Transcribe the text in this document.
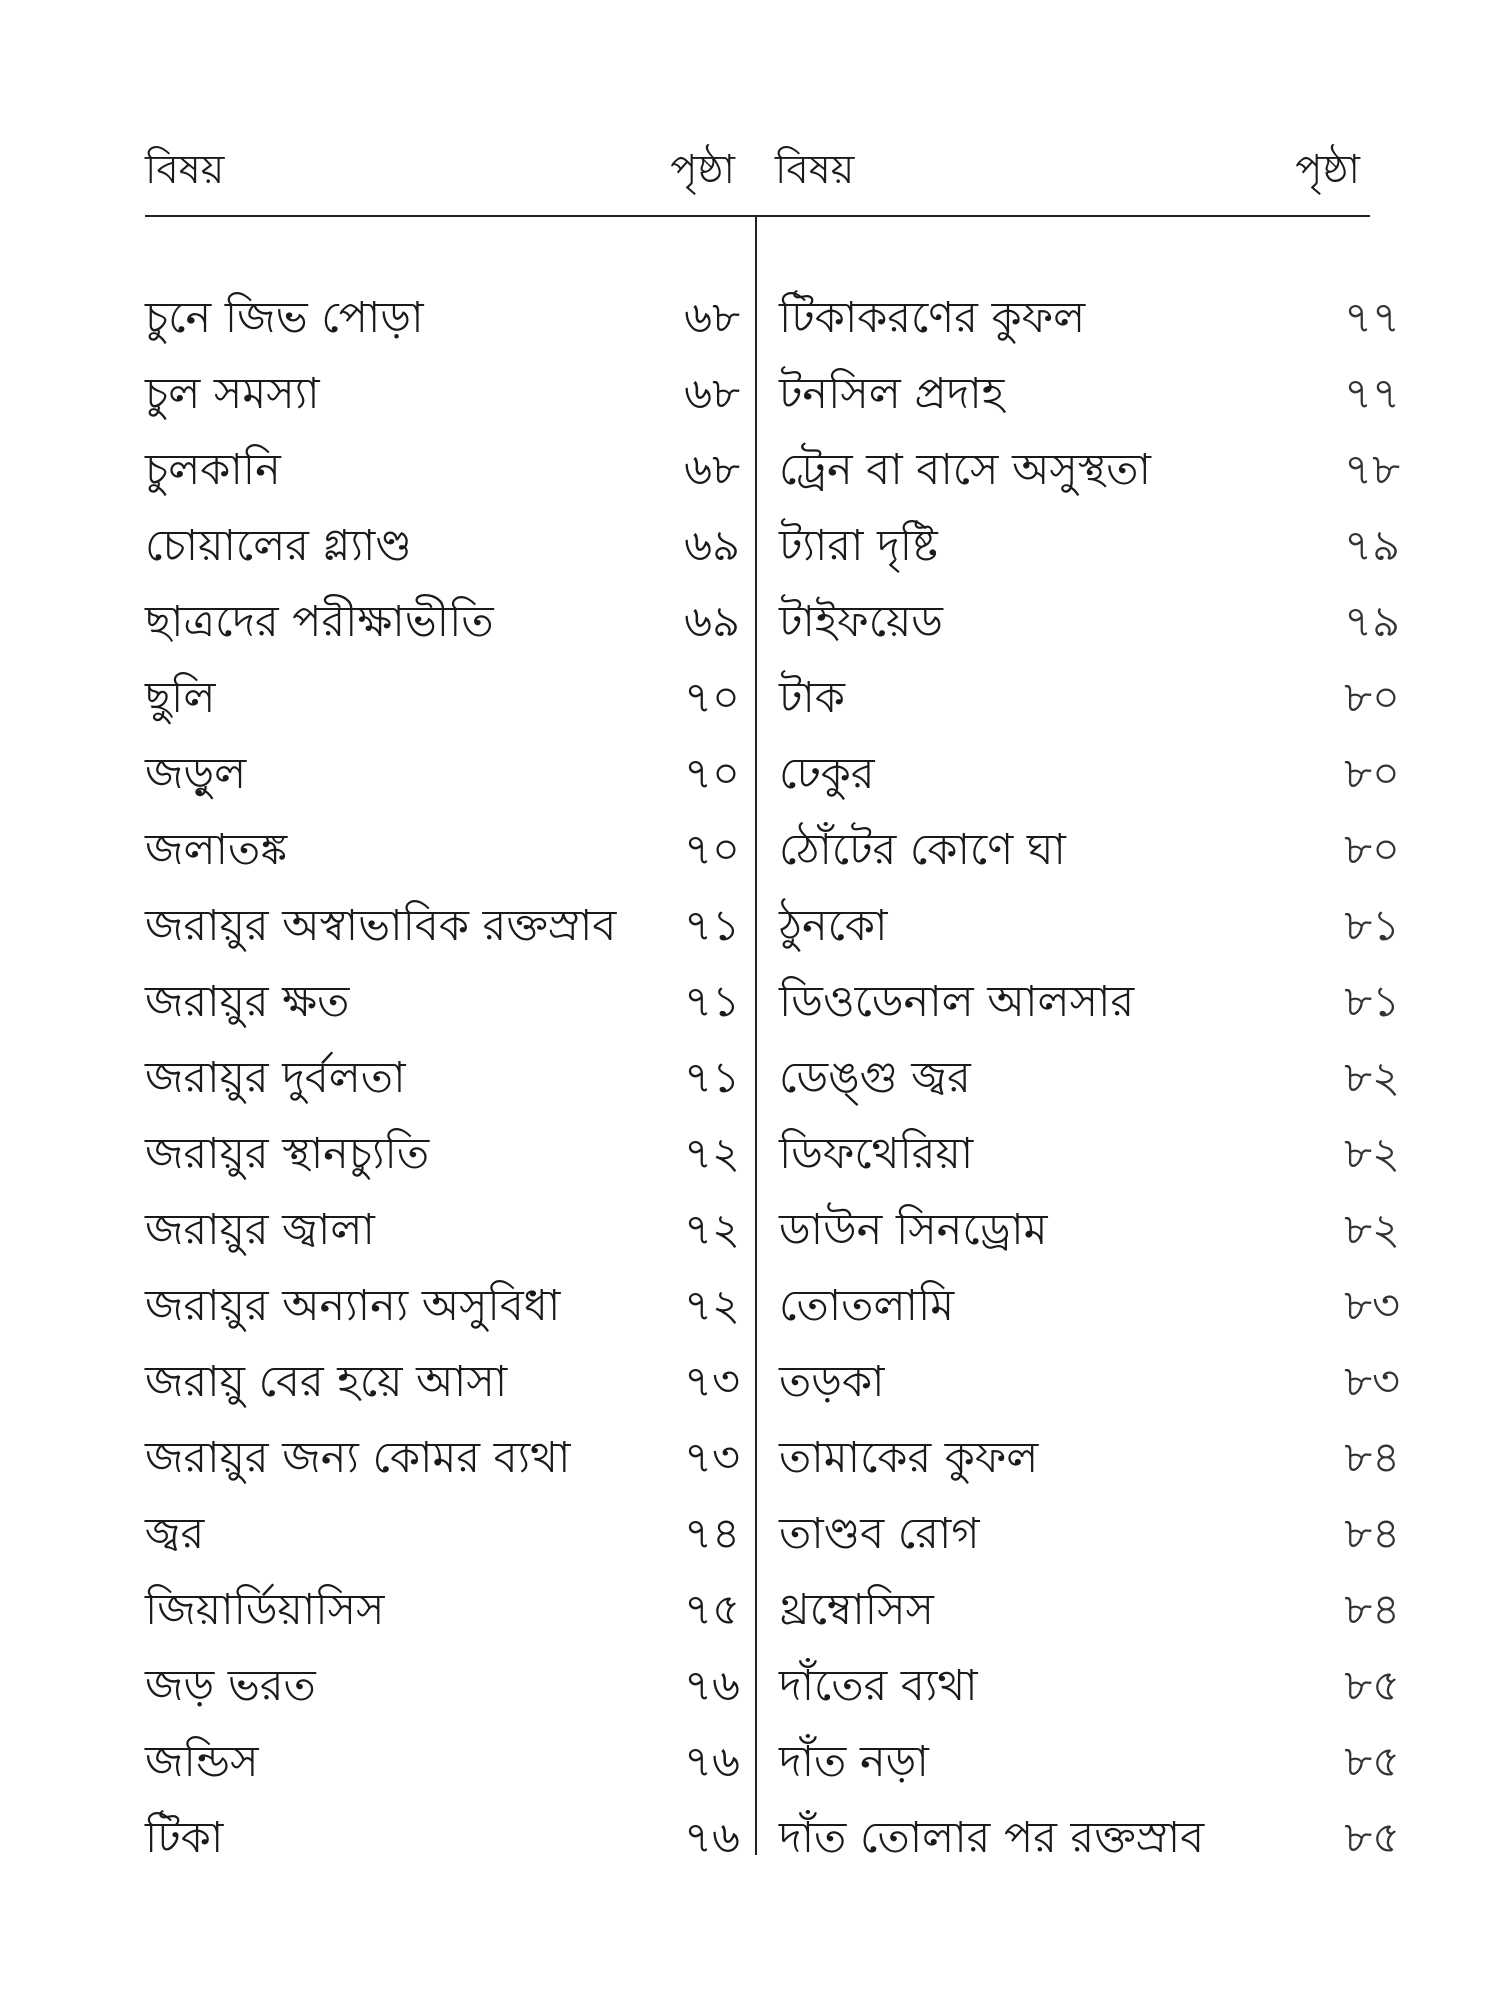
বিষয়	পৃষ্ঠা বিষয়	পৃষ্ঠা
চুনে জিভ পোড়া	৬৮
চুল সমস্যা	৬৮
চুলকানি	৬৮
চোয়ালের গ্ল্যাণ্ড	৬৯
ছাত্রদের পরীক্ষাভীতি	৬৯
ছুলি	৭০
জড়ুল	৭০
জলাতঙ্ক	৭০
জরায়ুর অস্বাভাবিক রক্তস্রাব	৭১
জরায়ুর ক্ষত	৭১
জরায়ুর দুর্বলতা	৭১
জরায়ুর স্থানচ্যুতি	৭২
জরায়ুর জ্বালা	৭২
জরায়ুর অন্যান্য অসুবিধা	৭২
জরায়ু বের হয়ে আসা	৭৩
জরায়ুর জন্য কোমর ব্যথা	৭৩
জ্বর	৭৪
জিয়ার্ডিয়াসিস	৭৫
জড় ভরত	৭৬
জন্ডিস	৭৬
টিকা	৭৬
টিকাকরণের কুফল	৭৭
টনসিল প্রদাহ	৭৭
ট্রেন বা বাসে অসুস্থতা	৭৮
ট্যারা দৃষ্টি	৭৯
টাইফয়েড	৭৯
টাক	৮০
ঢেকুর	৮০
ঠোঁটের কোণে ঘা	৮০
ঠুনকো	৮১
ডিওডেনাল আলসার	৮১
ডেঙ্গু জ্বর	৮২
ডিফথেরিয়া	৮২
ডাউন সিনড্রোম	৮২
তোতলামি	৮৩
তড়কা	৮৩
তামাকের কুফল	৮৪
তাণ্ডব রোগ	৮৪
থ্রম্বোসিস	৮৪
দাঁতের ব্যথা	৮৫
দাঁত নড়া	৮৫
দাঁত তোলার পর রক্তস্রাব	৮৫
